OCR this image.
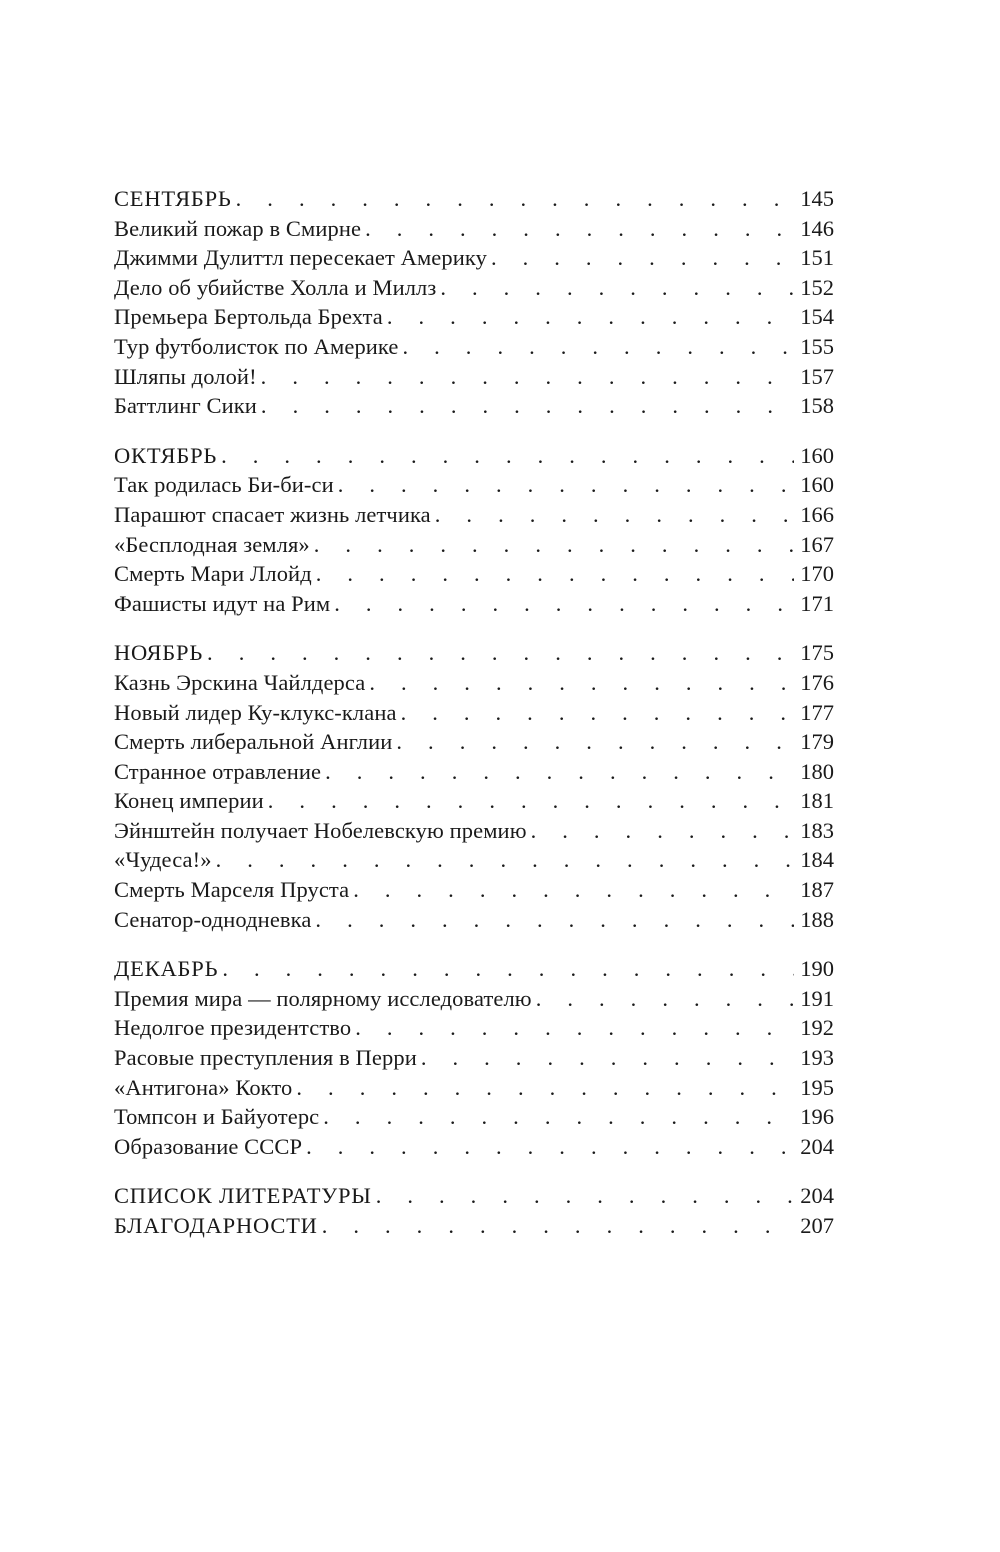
СЕНТЯБРЬ . . .	145
Великий пожар в Смирне . . .	146
Джимми Дулиттл пересекает Америку . . .	151
Дело об убийстве Холла и Миллз . . .	152
Премьера Бертольда Брехта . . .	154
Тур футболисток по Америке . . .	155
Шляпы долой! . . .	157
Баттлинг Сики . . .	158
ОКТЯБРЬ . . .	160
Так родилась Би-би-си . . .	160
Парашют спасает жизнь летчика . . .	166
«Бесплодная земля» . . .	167
Смерть Мари Ллойд . . .	170
Фашисты идут на Рим . . .	171
НОЯБРЬ . . .	175
Казнь Эрскина Чайлдерса . . .	176
Новый лидер Ку-клукс-клана . . .	177
Смерть либеральной Англии . . .	179
Странное отравление . . .	180
Конец империи . . .	181
Эйнштейн получает Нобелевскую премию . . .	183
«Чудеса!» . . .	184
Смерть Марселя Пруста . . .	187
Сенатор-однодневка . . .	188
ДЕКАБРЬ . . .	190
Премия мира — полярному исследователю . . .	191
Недолгое президентство . . .	192
Расовые преступления в Перри . . .	193
«Антигона» Кокто . . .	195
Томпсон и Байуотерс . . .	196
Образование СССР . . .	204
СПИСОК ЛИТЕРАТУРЫ . . .	204
БЛАГОДАРНОСТИ . . .	207
